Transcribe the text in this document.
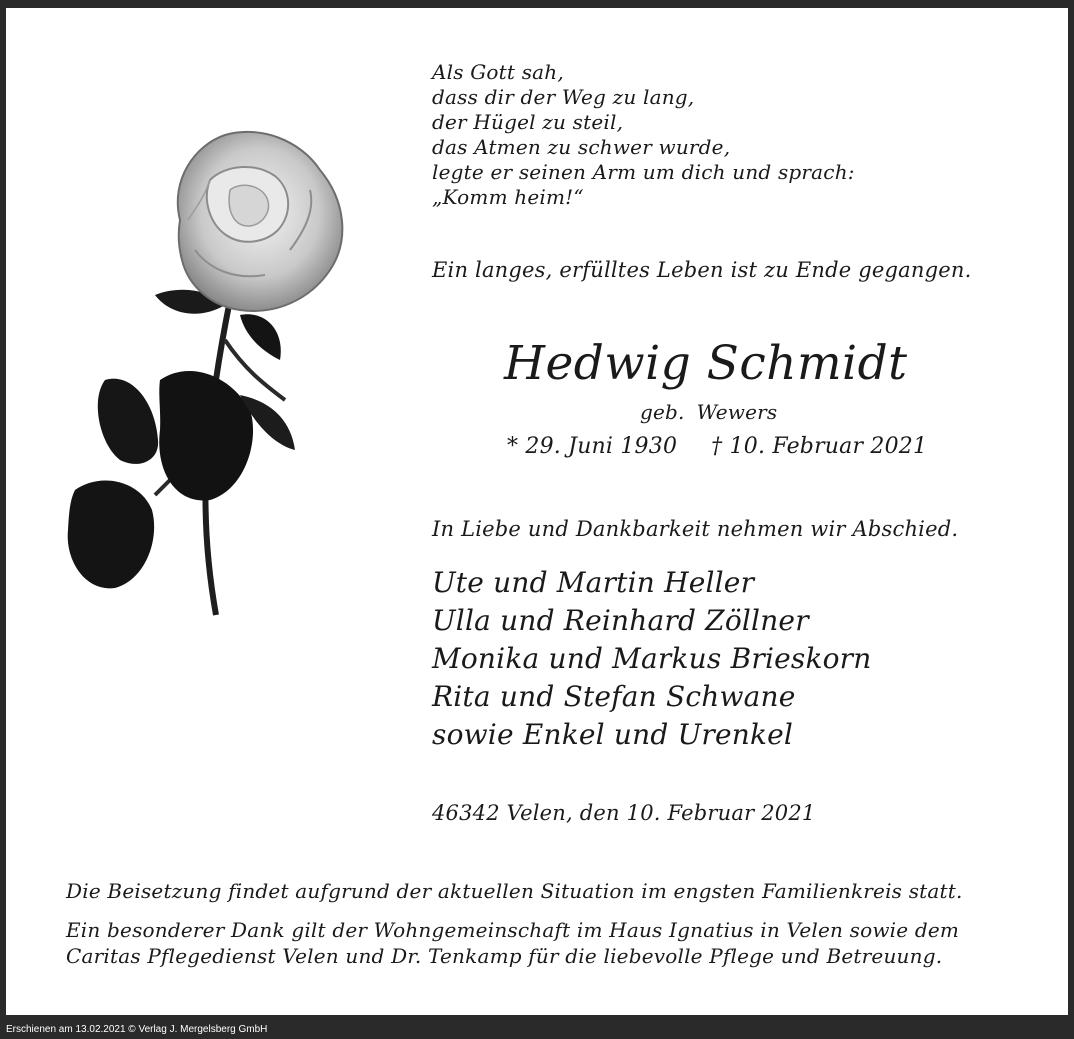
Als Gott sah,
dass dir der Weg zu lang,
der Hügel zu steil,
das Atmen zu schwer wurde,
legte er seinen Arm um dich und sprach:
„Komm heim!“
Ein langes, erfülltes Leben ist zu Ende gegangen.
Hedwig Schmidt
geb. Wewers
* 29. Juni 1930 † 10. Februar 2021
In Liebe und Dankbarkeit nehmen wir Abschied.
Ute und Martin Heller
Ulla und Reinhard Zöllner
Monika und Markus Brieskorn
Rita und Stefan Schwane
sowie Enkel und Urenkel
46342 Velen, den 10. Februar 2021
Die Beisetzung findet aufgrund der aktuellen Situation im engsten Familienkreis statt.
Ein besonderer Dank gilt der Wohngemeinschaft im Haus Ignatius in Velen sowie dem
Caritas Pflegedienst Velen und Dr. Tenkamp für die liebevolle Pflege und Betreuung.
Erschienen am 13.02.2021 © Verlag J. Mergelsberg GmbH
